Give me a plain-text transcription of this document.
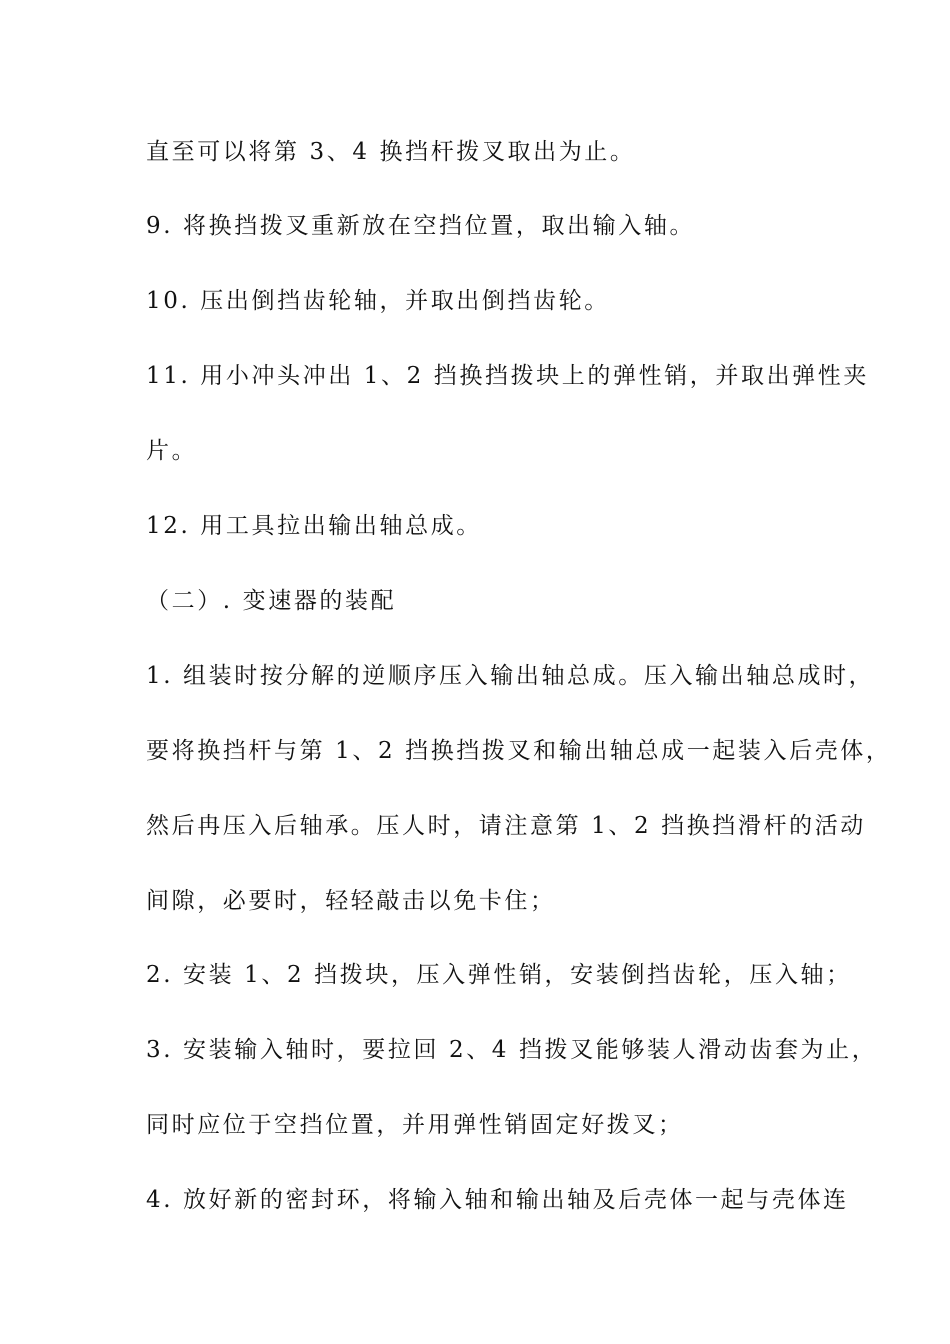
直至可以将第 3、4 换挡杆拨叉取出为止。
9. 将换挡拨叉重新放在空挡位置，取出输入轴。
10. 压出倒挡齿轮轴，并取出倒挡齿轮。
11. 用小冲头冲出 1、2 挡换挡拨块上的弹性销，并取出弹性夹
片。
12. 用工具拉出输出轴总成。
（二）. 变速器的装配
1. 组装时按分解的逆顺序压入输出轴总成。压入输出轴总成时，
要将换挡杆与第 1、2 挡换挡拨叉和输出轴总成一起装入后壳体，
然后冉压入后轴承。压人时，请注意第 1、2 挡换挡滑杆的活动
间隙，必要时，轻轻敲击以免卡住；
2. 安装 1、2 挡拨块，压入弹性销，安装倒挡齿轮，压入轴；
3. 安装输入轴时，要拉回 2、4 挡拨叉能够装人滑动齿套为止，
同时应位于空挡位置，并用弹性销固定好拨叉；
4. 放好新的密封环，将输入轴和输出轴及后壳体一起与壳体连
